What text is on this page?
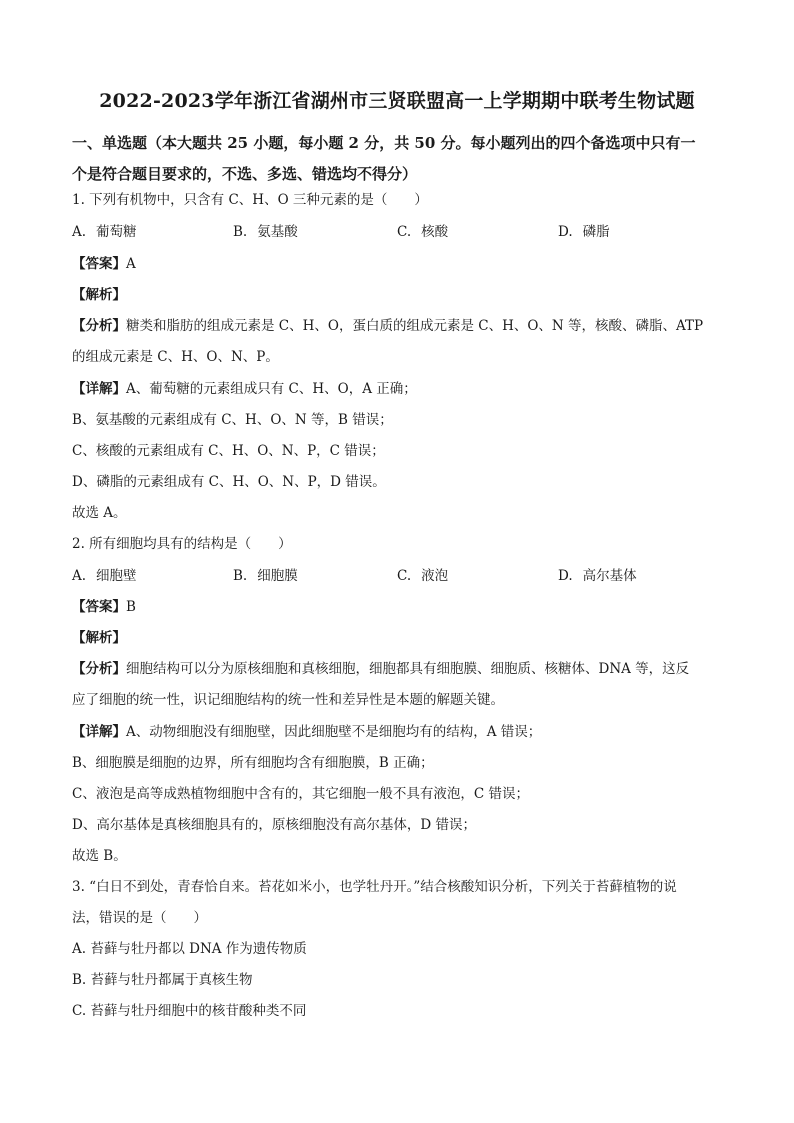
2022-2023学年浙江省湖州市三贤联盟高一上学期期中联考生物试题
一、单选题（本大题共 25 小题，每小题 2 分，共 50 分。每小题列出的四个备选项中只有一
个是符合题目要求的，不选、多选、错选均不得分）
1. 下列有机物中，只含有 C、H、O 三种元素的是（　　）
A. 葡萄糖	B. 氨基酸	C. 核酸	D. 磷脂
【答案】A
【解析】
【分析】糖类和脂肪的组成元素是 C、H、O，蛋白质的组成元素是 C、H、O、N 等，核酸、磷脂、ATP
的组成元素是 C、H、O、N、P。
【详解】A、葡萄糖的元素组成只有 C、H、O，A 正确；
B、氨基酸的元素组成有 C、H、O、N 等，B 错误；
C、核酸的元素组成有 C、H、O、N、P，C 错误；
D、磷脂的元素组成有 C、H、O、N、P，D 错误。
故选 A。
2. 所有细胞均具有的结构是（　　）
A. 细胞壁	B. 细胞膜	C. 液泡	D. 高尔基体
【答案】B
【解析】
【分析】细胞结构可以分为原核细胞和真核细胞，细胞都具有细胞膜、细胞质、核糖体、DNA 等，这反
应了细胞的统一性，识记细胞结构的统一性和差异性是本题的解题关键。
【详解】A、动物细胞没有细胞壁，因此细胞壁不是细胞均有的结构，A 错误；
B、细胞膜是细胞的边界，所有细胞均含有细胞膜，B 正确；
C、液泡是高等成熟植物细胞中含有的，其它细胞一般不具有液泡，C 错误；
D、高尔基体是真核细胞具有的，原核细胞没有高尔基体，D 错误；
故选 B。
3. “白日不到处，青春恰自来。苔花如米小，也学牡丹开。”结合核酸知识分析，下列关于苔藓植物的说
法，错误的是（　　）
A. 苔藓与牡丹都以 DNA 作为遗传物质
B. 苔藓与牡丹都属于真核生物
C. 苔藓与牡丹细胞中的核苷酸种类不同
